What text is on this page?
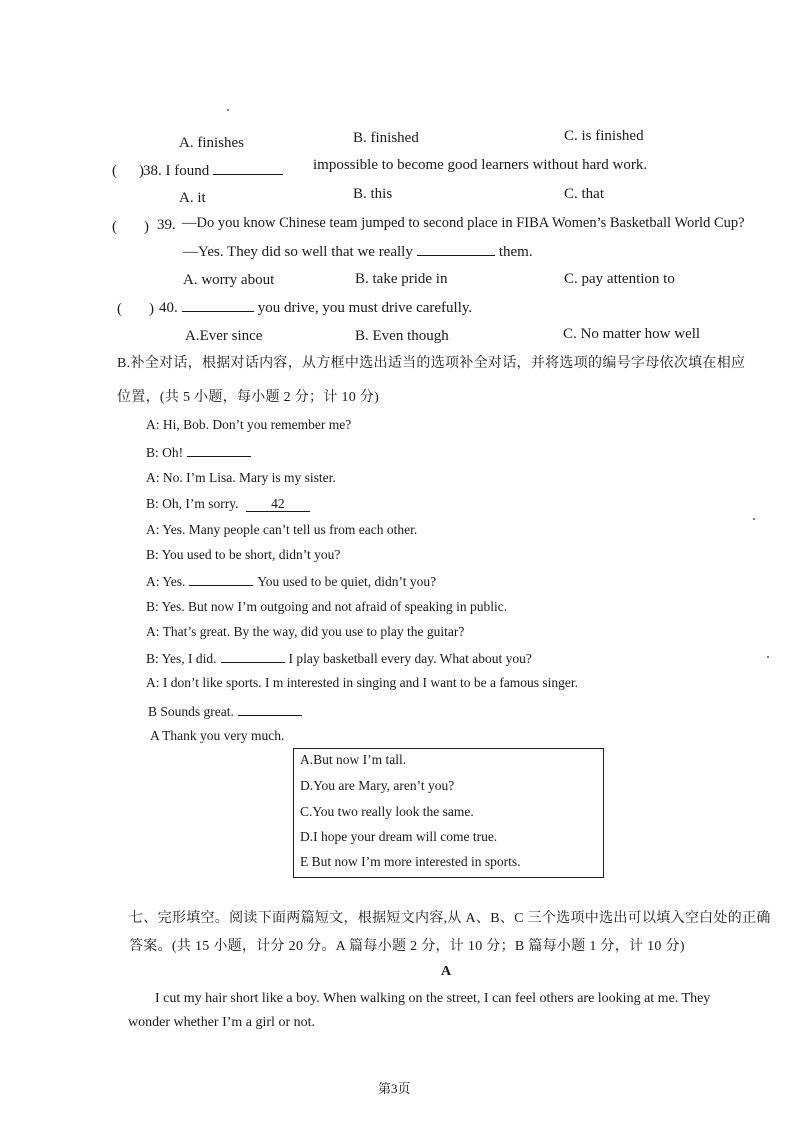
A. finishes	B. finished	C. is finished
( 38. I found
)	impossible to become good learners without hard work.
A. it	B. this	C. that
( ) 39. —Do you know Chinese team jumped to second place in FIBA Women’s Basketball World Cup?
—Yes. They did so well that we really	them.
A. worry about	B. take pride in	C. pay attention to
( ) 40.	you drive, you must drive carefully.
A.Ever since	B. Even though	C. No matter how well
B.补全对话，根据对话内容，从方框中选出适当的选项补全对话，并将选项的编号字母依次填在相应
位置，(共 5 小题，每小题 2 分；计 10 分)
A: Hi, Bob. Don’t you remember me?
B: Oh!
A: No. I’m Lisa. Mary is my sister.
B: Oh, I’m sorry. 42
A: Yes. Many people can’t tell us from each other.
B: You used to be short, didn’t you?
A: Yes.	You used to be quiet, didn’t you?
B: Yes. But now I’m outgoing and not afraid of speaking in public.
A: That’s great. By the way, did you use to play the guitar?
B: Yes, I did.	I play basketball every day. What about you?
A: I don’t like sports. I m interested in singing and I want to be a famous singer.
B Sounds great.
A Thank you very much.
A.But now I’m tall.
D.You are Mary, aren’t you?
C.You two really look the same.
D.I hope your dream will come true.
E But now I’m more interested in sports.
七、完形填空。阅读下面两篇短文，根据短文内容,从 A、B、C 三个选项中选出可以填入空白处的正确
答案。(共 15 小题，计分 20 分。A 篇每小题 2 分，计 10 分；B 篇每小题 1 分，计 10 分)
A
I cut my hair short like a boy. When walking on the street, I can feel others are looking at me. They
wonder whether I’m a girl or not.
第3页
